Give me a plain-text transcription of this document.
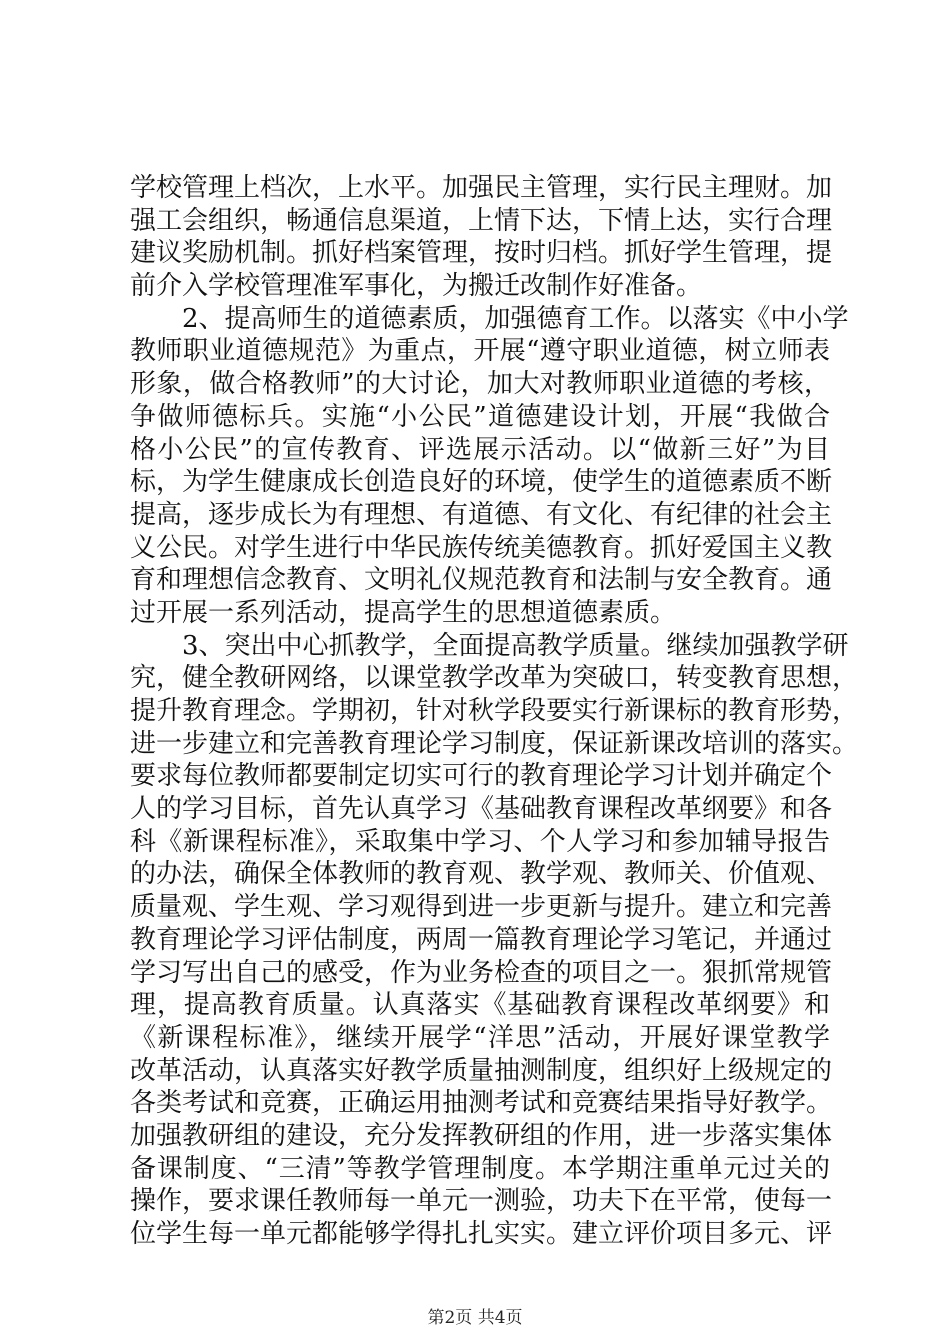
学校管理上档次，上水平。加强民主管理，实行民主理财。加
强工会组织，畅通信息渠道，上情下达，下情上达，实行合理
建议奖励机制。抓好档案管理，按时归档。抓好学生管理，提
前介入学校管理准军事化，为搬迁改制作好准备。
2、提高师生的道德素质，加强德育工作。以落实《中小学
教师职业道德规范》为重点，开展“遵守职业道德，树立师表
形象，做合格教师”的大讨论，加大对教师职业道德的考核，
争做师德标兵。实施“小公民”道德建设计划，开展“我做合
格小公民”的宣传教育、评选展示活动。以“做新三好”为目
标，为学生健康成长创造良好的环境，使学生的道德素质不断
提高，逐步成长为有理想、有道德、有文化、有纪律的社会主
义公民。对学生进行中华民族传统美德教育。抓好爱国主义教
育和理想信念教育、文明礼仪规范教育和法制与安全教育。通
过开展一系列活动，提高学生的思想道德素质。
3、突出中心抓教学，全面提高教学质量。继续加强教学研
究，健全教研网络，以课堂教学改革为突破口，转变教育思想，
提升教育理念。学期初，针对秋学段要实行新课标的教育形势，
进一步建立和完善教育理论学习制度，保证新课改培训的落实。
要求每位教师都要制定切实可行的教育理论学习计划并确定个
人的学习目标，首先认真学习《基础教育课程改革纲要》和各
科《新课程标准》，采取集中学习、个人学习和参加辅导报告
的办法，确保全体教师的教育观、教学观、教师关、价值观、
质量观、学生观、学习观得到进一步更新与提升。建立和完善
教育理论学习评估制度，两周一篇教育理论学习笔记，并通过
学习写出自己的感受，作为业务检查的项目之一。狠抓常规管
理，提高教育质量。认真落实《基础教育课程改革纲要》和
《新课程标准》，继续开展学“洋思”活动，开展好课堂教学
改革活动，认真落实好教学质量抽测制度，组织好上级规定的
各类考试和竞赛，正确运用抽测考试和竞赛结果指导好教学。
加强教研组的建设，充分发挥教研组的作用，进一步落实集体
备课制度、“三清”等教学管理制度。本学期注重单元过关的
操作，要求课任教师每一单元一测验，功夫下在平常，使每一
位学生每一单元都能够学得扎扎实实。建立评价项目多元、评
第2页 共4页
